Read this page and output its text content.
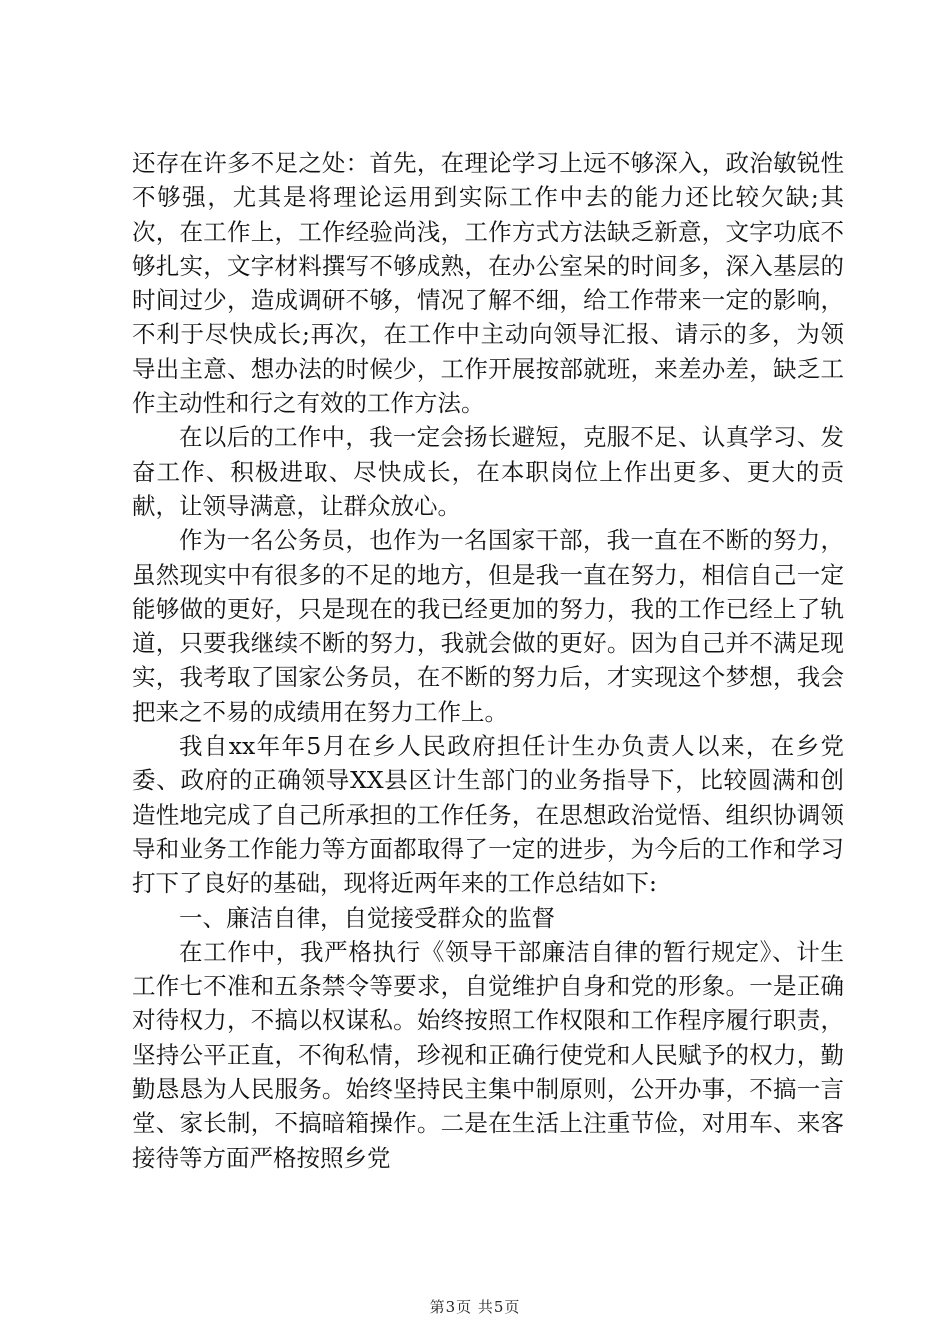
还存在许多不足之处：首先，在理论学习上远不够深入，政治敏锐性不够强，尤其是将理论运用到实际工作中去的能力还比较欠缺;其次，在工作上，工作经验尚浅，工作方式方法缺乏新意，文字功底不够扎实，文字材料撰写不够成熟，在办公室呆的时间多，深入基层的时间过少，造成调研不够，情况了解不细，给工作带来一定的影响，不利于尽快成长;再次，在工作中主动向领导汇报、请示的多，为领导出主意、想办法的时候少，工作开展按部就班，来差办差，缺乏工作主动性和行之有效的工作方法。

在以后的工作中，我一定会扬长避短，克服不足、认真学习、发奋工作、积极进取、尽快成长，在本职岗位上作出更多、更大的贡献，让领导满意，让群众放心。

作为一名公务员，也作为一名国家干部，我一直在不断的努力，虽然现实中有很多的不足的地方，但是我一直在努力，相信自己一定能够做的更好，只是现在的我已经更加的努力，我的工作已经上了轨道，只要我继续不断的努力，我就会做的更好。因为自己并不满足现实，我考取了国家公务员，在不断的努力后，才实现这个梦想，我会把来之不易的成绩用在努力工作上。

我自xx年年5月在乡人民政府担任计生办负责人以来，在乡党委、政府的正确领导XX县区计生部门的业务指导下，比较圆满和创造性地完成了自己所承担的工作任务，在思想政治觉悟、组织协调领导和业务工作能力等方面都取得了一定的进步，为今后的工作和学习打下了良好的基础，现将近两年来的工作总结如下:

一、廉洁自律，自觉接受群众的监督

在工作中，我严格执行《领导干部廉洁自律的暂行规定》、计生工作七不准和五条禁令等要求，自觉维护自身和党的形象。一是正确对待权力，不搞以权谋私。始终按照工作权限和工作程序履行职责，坚持公平正直，不徇私情，珍视和正确行使党和人民赋予的权力，勤勤恳恳为人民服务。始终坚持民主集中制原则，公开办事，不搞一言堂、家长制，不搞暗箱操作。二是在生活上注重节俭，对用车、来客接待等方面严格按照乡党

第3页 共5页
